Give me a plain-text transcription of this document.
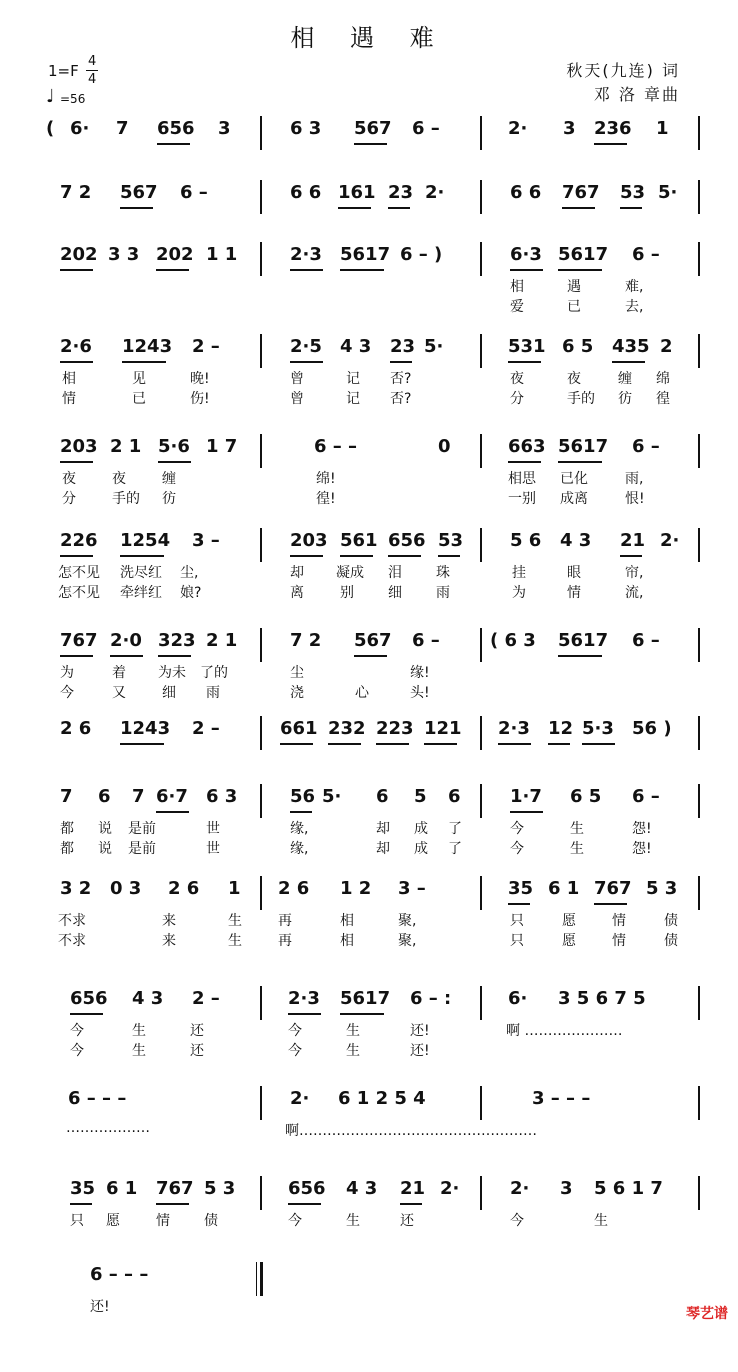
相 遇 难
1=F
4
4
♩ =56
秋天(九连) 词
邓 洛 章曲
( 6· 7 656 3	6 3 567 6 –	2· 3 236 1
7 2 567 6 –	6 6 161 23 2·	6 6 767 53 5·
202 3 3 202 1 1	2·3 5617 6 – )	6·3 5617 6 –
相	遇	难,
爱	已	去,
2·6 1243 2 –	2·5 4 3 23 5·	531 6 5 435 2
相	见	晚!	曾	记 否?	夜	夜	缠 绵
情	已	伤!	曾	记 否?	分	手的 彷 徨
203 2 1 5·6 1 7	6 – –	0	663 5617 6 –
夜	夜	缠	绵!	相思 已化	雨,
分	手的 彷	徨!	一别 成离	恨!
226 1254 3 –	203 561 656 53	5 6 4 3 21 2·
怎不见 洗尽红 尘,	却 凝成 泪 珠	挂	眼	帘,
怎不见 牵绊红 娘?	离	别 细 雨	为	情	流,
767 2·0 323 2 1	7 2 567 6 –	( 6 3 5617 6 –
为	着 为未 了的	尘	缘!
今	又	细 雨	浇	心	头!
2 6 1243 2 –	661 232 223 121 2·3 12 5·3 56 )
7 6 7 6·7 6 3	56 5· 6 5 6	1·7 6 5 6 –
都 说 是前	世	缘,	却 成 了	今	生	怨!
都 说 是前	世	缘,	却 成 了	今	生	怨!
3 2 0 3 2 6 1 2 6 1 2 3 –	35 6 1 767 5 3
不求	来	生	再	相	聚,	只	愿	情	债
不求	来	生	再	相	聚,	只	愿	情	债
656 4 3 2 –	2·3 5617 6 – :	6· 3 5 6 7 5
今	生	还	今	生	还!	啊 …………………
今	生	还	今	生	还!
6 – – –	2· 6 1 2 5 4	3 – – –
………………	啊……………………………………………
35 6 1 767 5 3	656 4 3 21 2·	2· 3 5 6 1 7
只 愿	情 债	今	生	还	今	生
6 – – –
还!	琴艺谱
